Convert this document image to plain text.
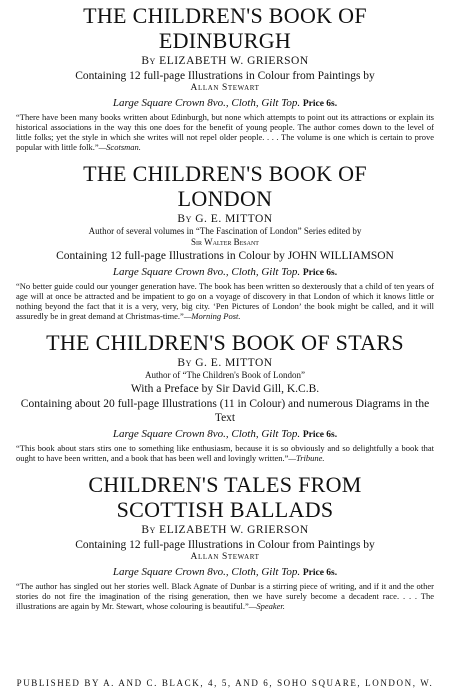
THE CHILDREN'S BOOK OF
EDINBURGH
By ELIZABETH W. GRIERSON
Containing 12 full-page Illustrations in Colour from Paintings by
Allan Stewart
Large Square Crown 8vo., Cloth, Gilt Top. Price 6s.
“There have been many books written about Edinburgh, but none which attempts to point out its attractions or explain its historical associations in the way this one does for the benefit of young people. The author comes down to the level of little folks; yet the style in which she writes will not repel older people. . . . The volume is one which is certain to prove popular with little folk.”—Scotsman.
THE CHILDREN'S BOOK OF
LONDON
By G. E. MITTON
Author of several volumes in “The Fascination of London” Series edited by
Sir Walter Besant
Containing 12 full-page Illustrations in Colour by JOHN WILLIAMSON
Large Square Crown 8vo., Cloth, Gilt Top. Price 6s.
“No better guide could our younger generation have. The book has been written so dexterously that a child of ten years of age will at once be attracted and be impatient to go on a voyage of discovery in that London of which it knows little or nothing beyond the fact that it is a very, very, big city. ‘Pen Pictures of London’ the book might be called, and it will assuredly be in great demand at Christmas-time.”—Morning Post.
THE CHILDREN'S BOOK OF STARS
By G. E. MITTON
Author of “The Children's Book of London”
With a Preface by Sir David Gill, K.C.B.
Containing about 20 full-page Illustrations (11 in Colour) and numerous Diagrams in the Text
Large Square Crown 8vo., Cloth, Gilt Top. Price 6s.
“This book about stars stirs one to something like enthusiasm, because it is so obviously and so delightfully a book that ought to have been written, and a book that has been well and lovingly written.”—Tribune.
CHILDREN'S TALES FROM
SCOTTISH BALLADS
By ELIZABETH W. GRIERSON
Containing 12 full-page Illustrations in Colour from Paintings by
Allan Stewart
Large Square Crown 8vo., Cloth, Gilt Top. Price 6s.
“The author has singled out her stories well. Black Agnate of Dunbar is a stirring piece of writing, and if it and the other stories do not fire the imagination of the rising generation, then we have surely become a decadent race. . . . The illustrations are again by Mr. Stewart, whose colouring is beautiful.”—Speaker.
PUBLISHED BY A. AND C. BLACK, 4, 5, AND 6, SOHO SQUARE, LONDON, W.
